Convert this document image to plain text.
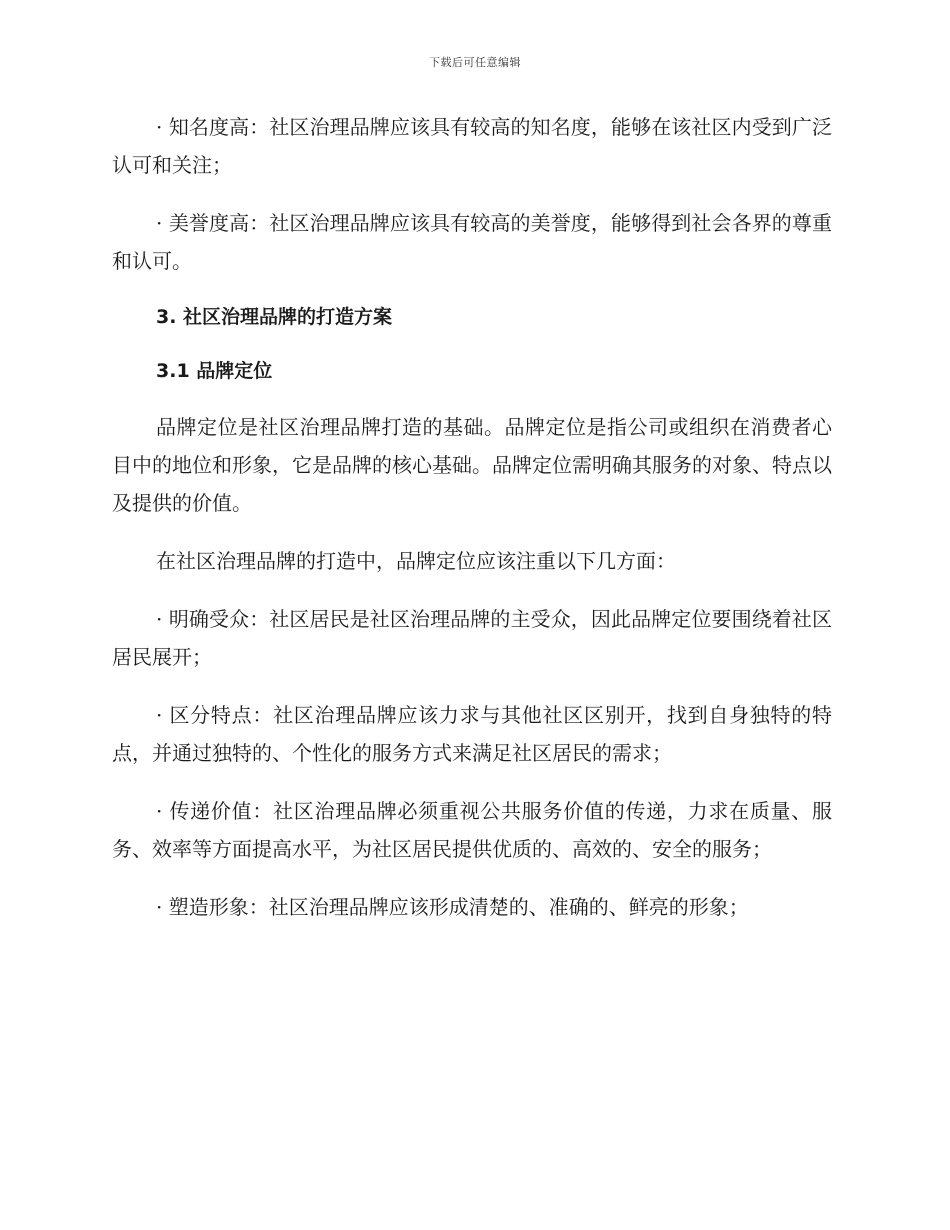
下载后可任意编辑

· 知名度高：社区治理品牌应该具有较高的知名度，能够在该社区内受到广泛认可和关注；

· 美誉度高：社区治理品牌应该具有较高的美誉度，能够得到社会各界的尊重和认可。

3. 社区治理品牌的打造方案

3.1 品牌定位

品牌定位是社区治理品牌打造的基础。品牌定位是指公司或组织在消费者心目中的地位和形象，它是品牌的核心基础。品牌定位需明确其服务的对象、特点以及提供的价值。

在社区治理品牌的打造中，品牌定位应该注重以下几方面：

· 明确受众：社区居民是社区治理品牌的主受众，因此品牌定位要围绕着社区居民展开；

· 区分特点：社区治理品牌应该力求与其他社区区别开，找到自身独特的特点，并通过独特的、个性化的服务方式来满足社区居民的需求；

· 传递价值：社区治理品牌必须重视公共服务价值的传递，力求在质量、服务、效率等方面提高水平，为社区居民提供优质的、高效的、安全的服务；

· 塑造形象：社区治理品牌应该形成清楚的、准确的、鲜亮的形象；
